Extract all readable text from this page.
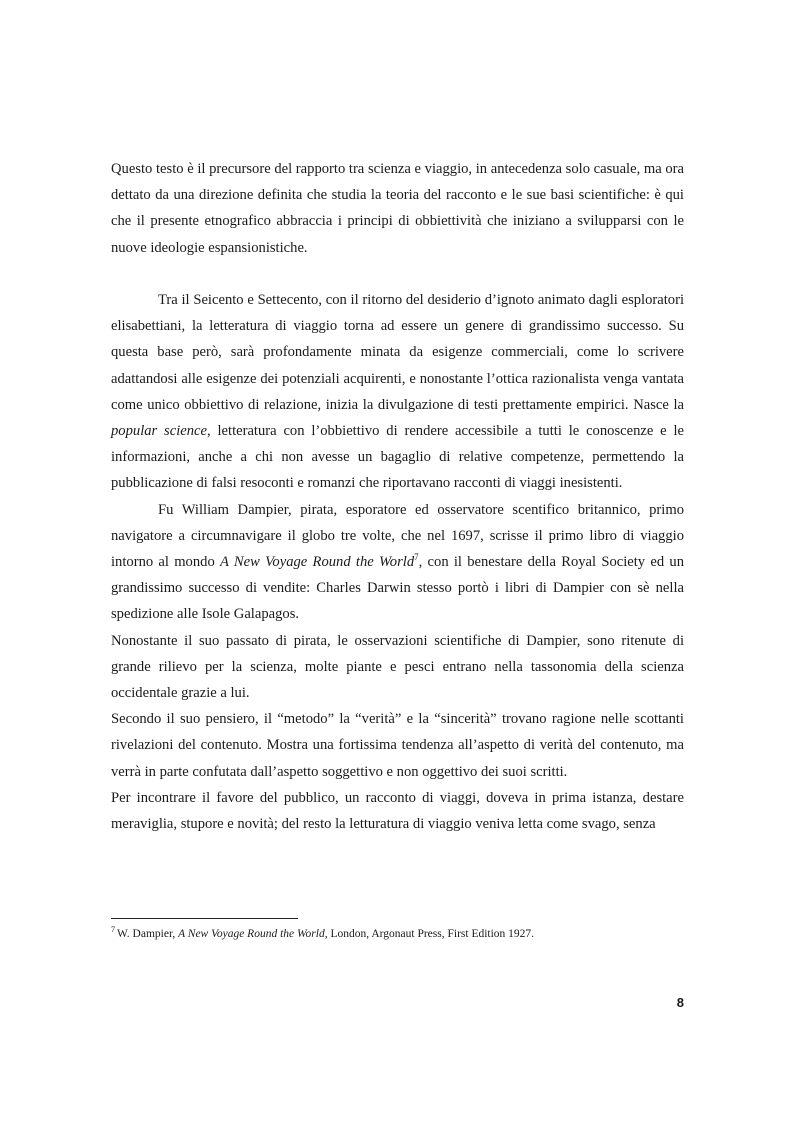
Questo testo è il precursore del rapporto tra scienza e viaggio, in antecedenza solo casuale, ma ora dettato da una direzione definita che studia la teoria del racconto e le sue basi scientifiche: è qui che il presente etnografico abbraccia i principi di obbiettività che iniziano a svilupparsi con le nuove ideologie espansionistiche.

Tra il Seicento e Settecento, con il ritorno del desiderio d’ignoto animato dagli esploratori elisabettiani, la letteratura di viaggio torna ad essere un genere di grandissimo successo. Su questa base però, sarà profondamente minata da esigenze commerciali, come lo scrivere adattandosi alle esigenze dei potenziali acquirenti, e nonostante l’ottica razionalista venga vantata come unico obbiettivo di relazione, inizia la divulgazione di testi prettamente empirici. Nasce la popular science, letteratura con l’obbiettivo di rendere accessibile a tutti le conoscenze e le informazioni, anche a chi non avesse un bagaglio di relative competenze, permettendo la pubblicazione di falsi resoconti e romanzi che riportavano racconti di viaggi inesistenti.

Fu William Dampier, pirata, esporatore ed osservatore scentifico britannico, primo navigatore a circumnavigare il globo tre volte, che nel 1697, scrisse il primo libro di viaggio intorno al mondo A New Voyage Round the World$^7$, con il benestare della Royal Society ed un grandissimo successo di vendite: Charles Darwin stesso portò i libri di Dampier con sè nella spedizione alle Isole Galapagos.

Nonostante il suo passato di pirata, le osservazioni scientifiche di Dampier, sono ritenute di grande rilievo per la scienza, molte piante e pesci entrano nella tassonomia della scienza occidentale grazie a lui.

Secondo il suo pensiero, il “metodo” la “verità” e la “sincerità” trovano ragione nelle scottanti rivelazioni del contenuto. Mostra una fortissima tendenza all’aspetto di verità del contenuto, ma verrà in parte confutata dall’aspetto soggettivo e non oggettivo dei suoi scritti.

Per incontrare il favore del pubblico, un racconto di viaggi, doveva in prima istanza, destare meraviglia, stupore e novità; del resto la letturatura di viaggio veniva letta come svago, senza

$^7$ W. Dampier, A New Voyage Round the World, London, Argonaut Press, First Edition 1927.
8
